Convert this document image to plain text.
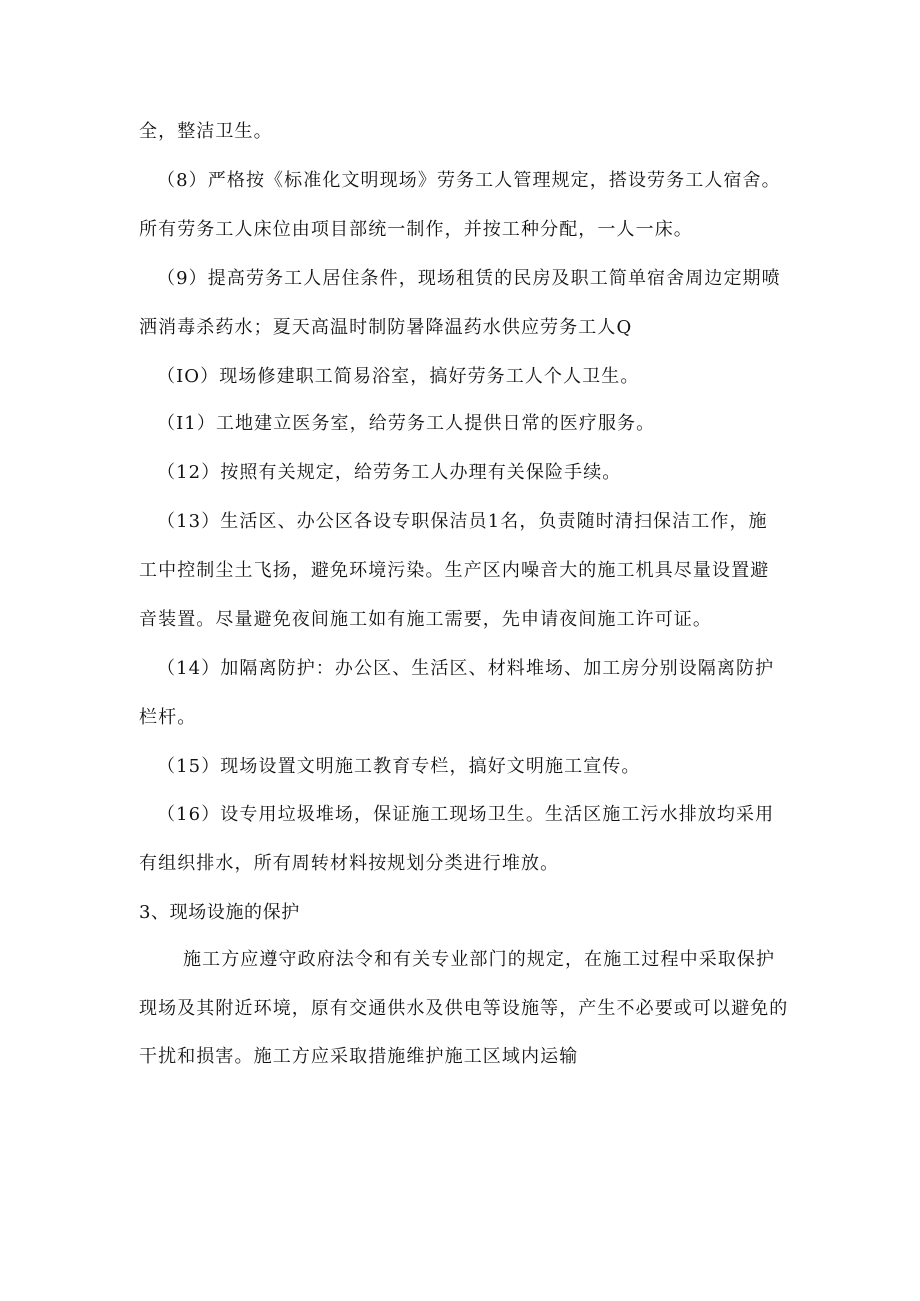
全，整洁卫生。
（8）严格按《标准化文明现场》劳务工人管理规定，搭设劳务工人宿舍。
所有劳务工人床位由项目部统一制作，并按工种分配，一人一床。
（9）提高劳务工人居住条件，现场租赁的民房及职工简单宿舍周边定期喷
洒消毒杀药水；夏天高温时制防暑降温药水供应劳务工人Q
（IO）现场修建职工简易浴室，搞好劳务工人个人卫生。
（I1）工地建立医务室，给劳务工人提供日常的医疗服务。
（12）按照有关规定，给劳务工人办理有关保险手续。
（13）生活区、办公区各设专职保洁员1名，负责随时清扫保洁工作，施
工中控制尘土飞扬，避免环境污染。生产区内噪音大的施工机具尽量设置避
音装置。尽量避免夜间施工如有施工需要，先申请夜间施工许可证。
（14）加隔离防护：办公区、生活区、材料堆场、加工房分别设隔离防护
栏杆。
（15）现场设置文明施工教育专栏，搞好文明施工宣传。
（16）设专用垃圾堆场，保证施工现场卫生。生活区施工污水排放均采用
有组织排水，所有周转材料按规划分类进行堆放。
3、现场设施的保护
施工方应遵守政府法令和有关专业部门的规定，在施工过程中采取保护
现场及其附近环境，原有交通供水及供电等设施等，产生不必要或可以避免的
干扰和损害。施工方应采取措施维护施工区域内运输
